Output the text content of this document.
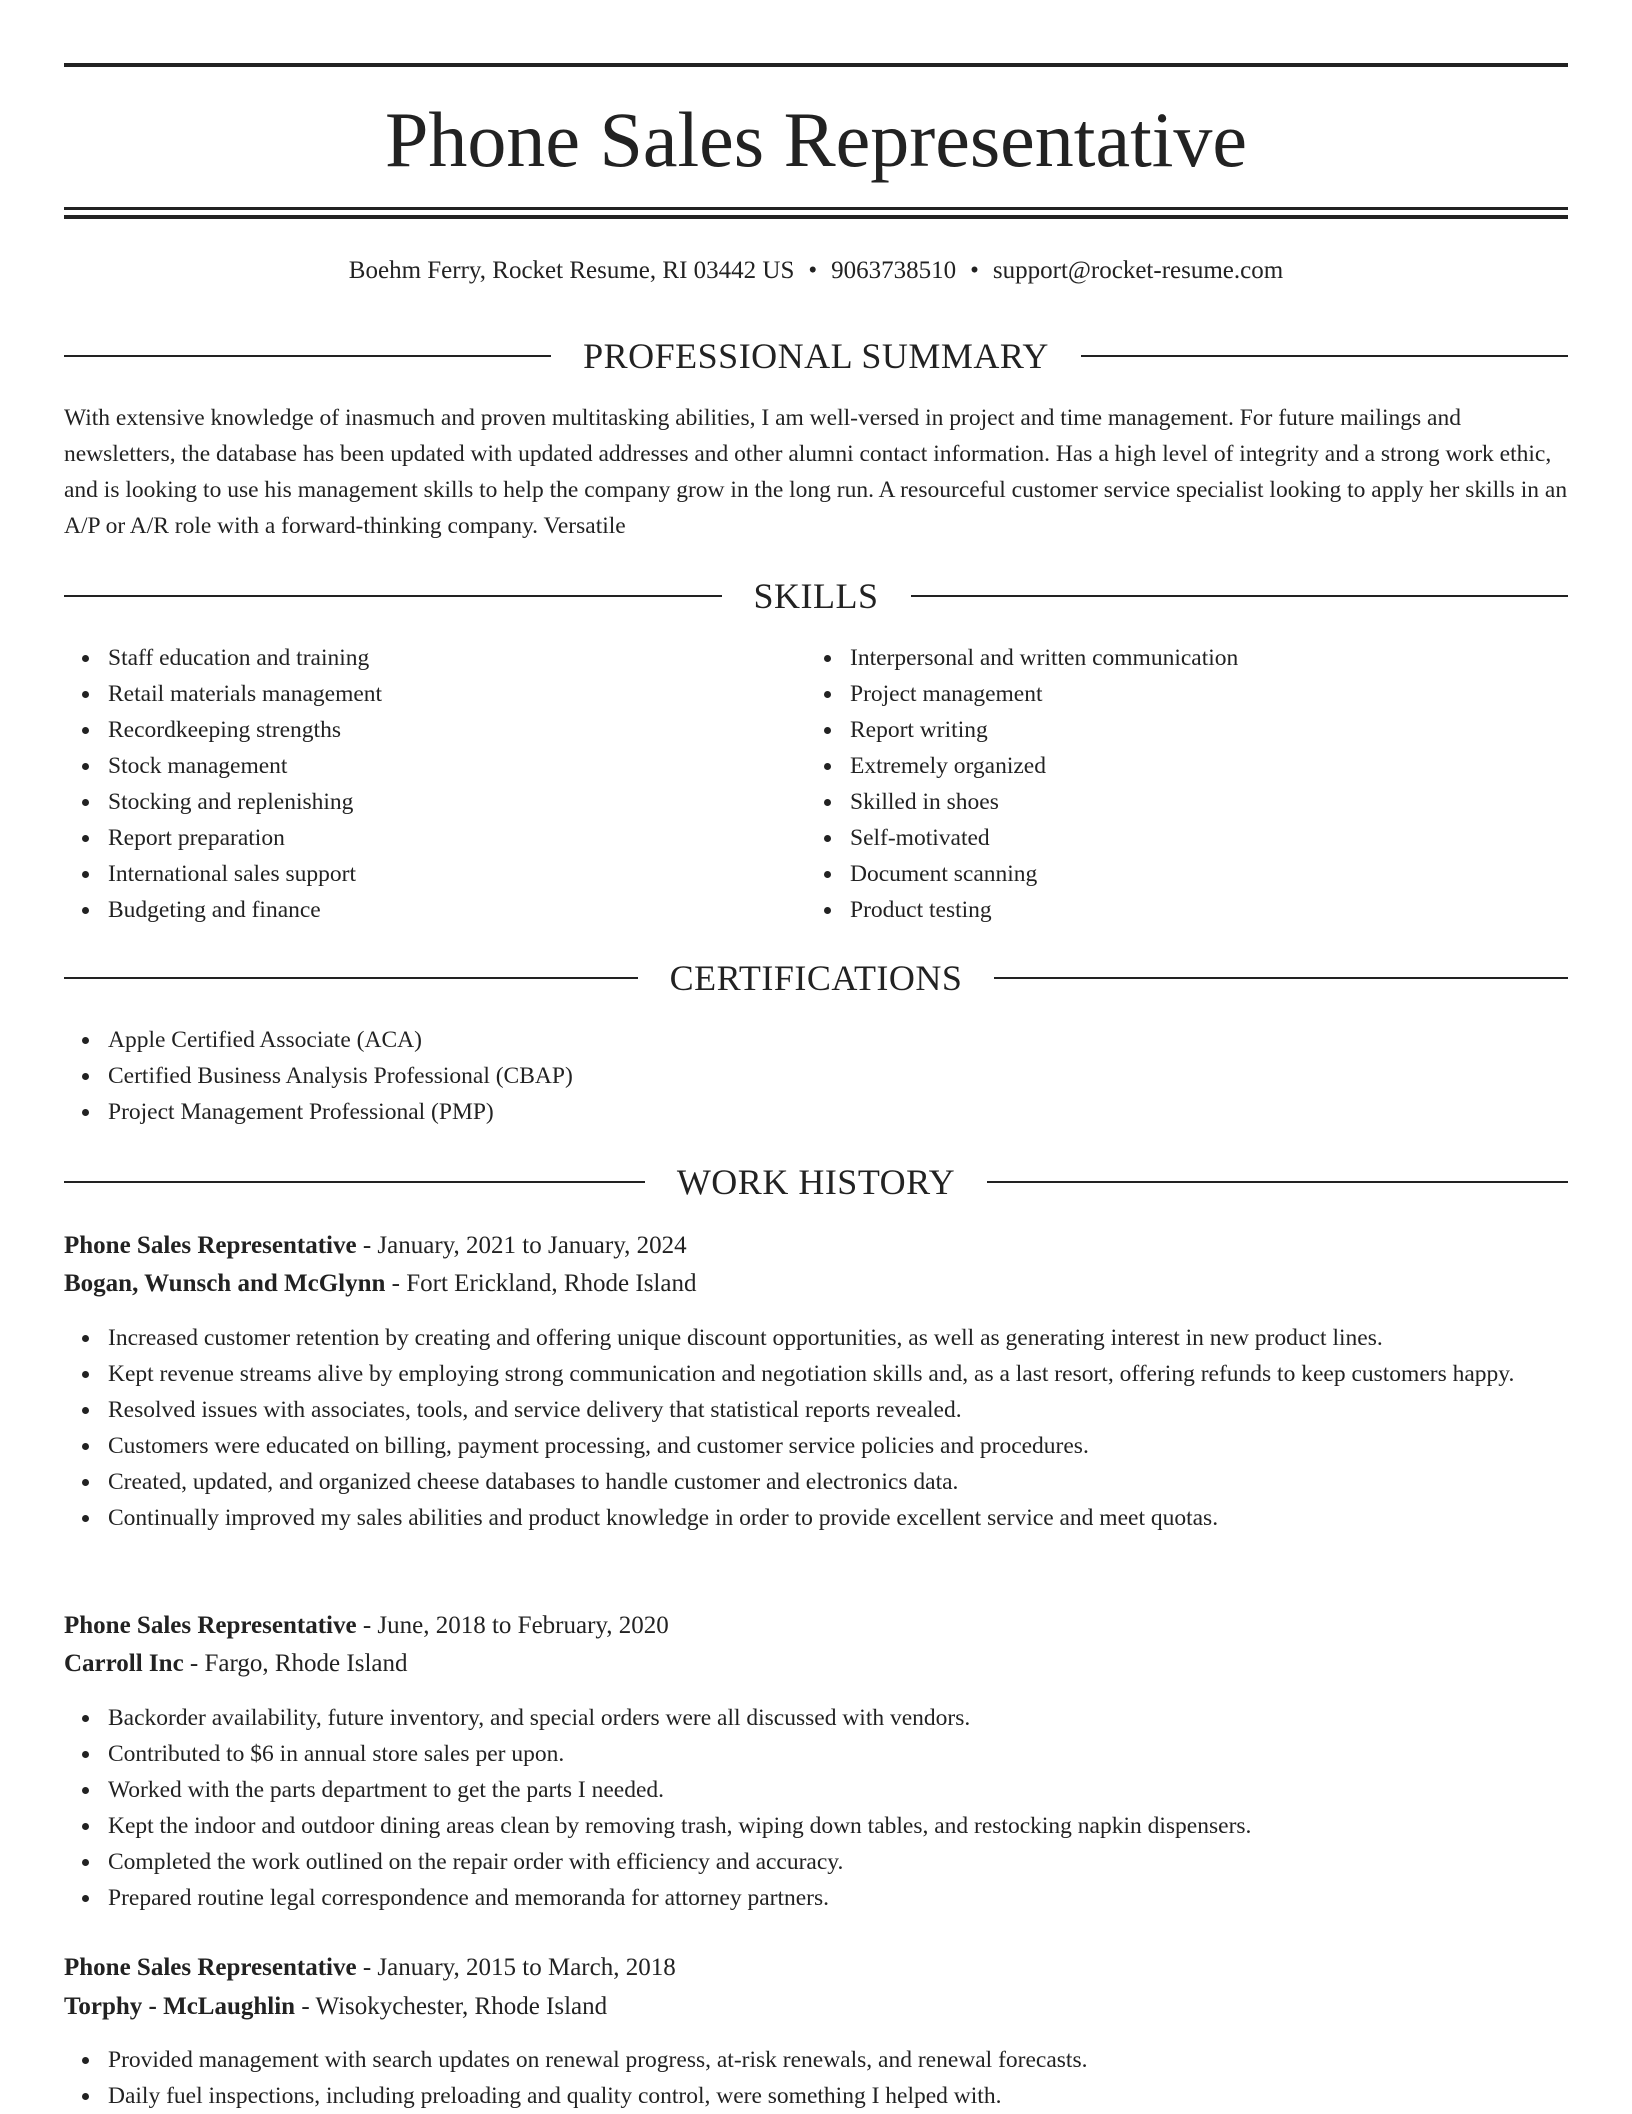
Phone Sales Representative
Boehm Ferry, Rocket Resume, RI 03442 US • 9063738510 • support@rocket-resume.com
PROFESSIONAL SUMMARY

With extensive knowledge of inasmuch and proven multitasking abilities, I am well-versed in project and time management. For future mailings and newsletters, the database has been updated with updated addresses and other alumni contact information. Has a high level of integrity and a strong work ethic, and is looking to use his management skills to help the company grow in the long run. A resourceful customer service specialist looking to apply her skills in an A/P or A/R role with a forward-thinking company. Versatile

SKILLS
Staff education and training
Retail materials management
Recordkeeping strengths
Stock management
Stocking and replenishing
Report preparation
International sales support
Budgeting and finance
Interpersonal and written communication
Project management
Report writing
Extremely organized
Skilled in shoes
Self-motivated
Document scanning
Product testing
CERTIFICATIONS
Apple Certified Associate (ACA)
Certified Business Analysis Professional (CBAP)
Project Management Professional (PMP)
WORK HISTORY
Phone Sales Representative - January, 2021 to January, 2024
Bogan, Wunsch and McGlynn - Fort Erickland, Rhode Island
Increased customer retention by creating and offering unique discount opportunities, as well as generating interest in new product lines.
Kept revenue streams alive by employing strong communication and negotiation skills and, as a last resort, offering refunds to keep customers happy.
Resolved issues with associates, tools, and service delivery that statistical reports revealed.
Customers were educated on billing, payment processing, and customer service policies and procedures.
Created, updated, and organized cheese databases to handle customer and electronics data.
Continually improved my sales abilities and product knowledge in order to provide excellent service and meet quotas.
Phone Sales Representative - June, 2018 to February, 2020
Carroll Inc - Fargo, Rhode Island
Backorder availability, future inventory, and special orders were all discussed with vendors.
Contributed to $6 in annual store sales per upon.
Worked with the parts department to get the parts I needed.
Kept the indoor and outdoor dining areas clean by removing trash, wiping down tables, and restocking napkin dispensers.
Completed the work outlined on the repair order with efficiency and accuracy.
Prepared routine legal correspondence and memoranda for attorney partners.
Phone Sales Representative - January, 2015 to March, 2018
Torphy - McLaughlin - Wisokychester, Rhode Island
Provided management with search updates on renewal progress, at-risk renewals, and renewal forecasts.
Daily fuel inspections, including preloading and quality control, were something I helped with.
